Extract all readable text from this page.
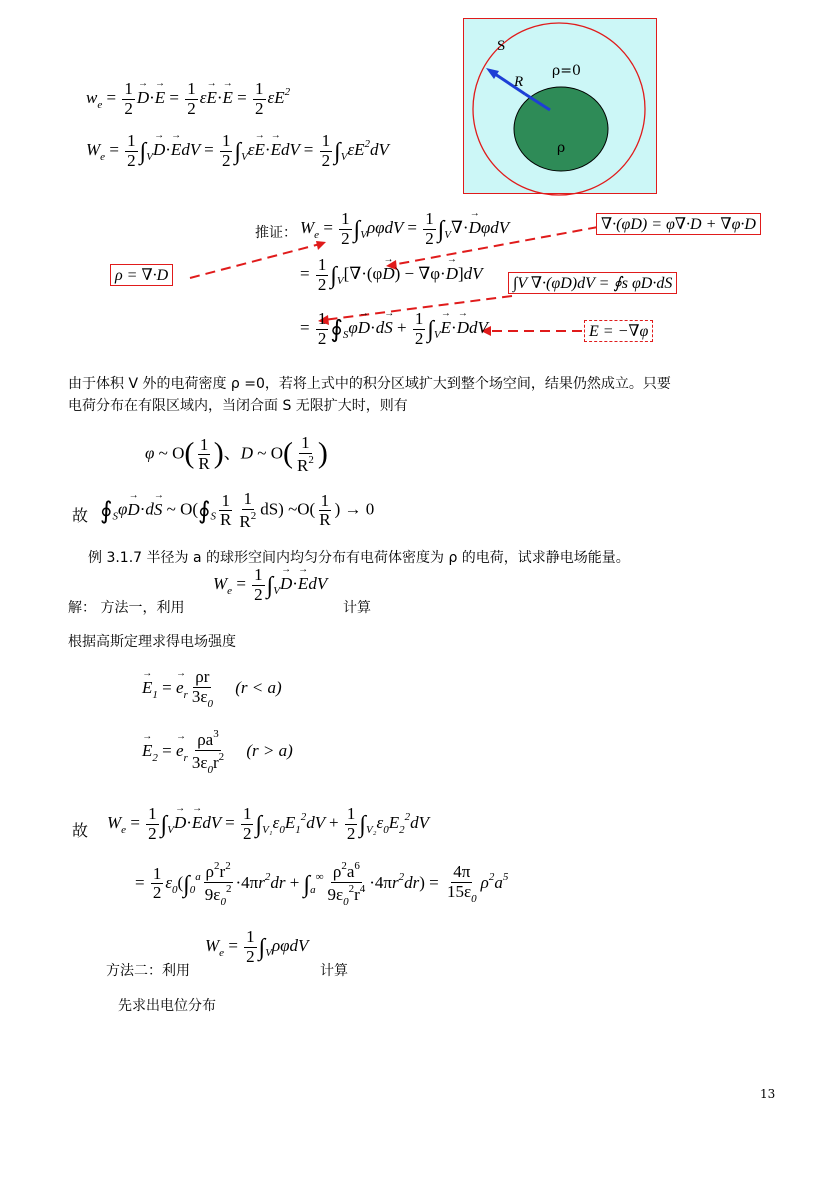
S
R
ρ=0
ρ
$w_e = \frac{1}{2}$
→ $D\cdot\to E = \frac{1}{2} \varepsilon\to E\cdot\to E = \frac{1}{2} \varepsilon E^2$
$W_e = \frac{1}{2} \int_V\to D\cdot\to$ EdV = $\frac{1}{2} \int_V\varepsilon\to E\cdot\to$ EdV = $\frac{1}{2} \int_V\varepsilon E^2dV$
推证： $W_e = \frac{1}{2} \int_V\rho\varphi dV = \frac{1}{2} \int_V\nabla\cdot\to D\varphi dV$	∇·(φD) = φ∇·D + ∇φ·D
ρ = ∇·D	= $\frac{1}{2} \int_V[\nabla\cdot(\varphi\to D) - \nabla\varphi\cdot\to D]dV$
∫V ∇·(φD)dV = ∮s φD·dS
= $\frac{1}{2}$ $∮_S\varphi\to D\cdot d\to S + \frac{1}{2} \int_V\to E\cdot\to$ DdV	E = −∇φ
由于体积 V 外的电荷密度 ρ =0，若将上式中的积分区域扩大到整个场空间，结果仍然成立。只要
电荷分布在有限区域内，当闭合面 S 无限扩大时，则有
φ ~ $O( \frac{1}{R}$ )、D ~ $O( \frac{1}{R^2}$ )
故 $∮_S\varphi\to D\cdot d\to S$ ~ $O(∮_S \frac{1}{R} \frac{1}{R^2} dS)$ ~O( $\frac{1}{R}$ ) → 0
例 3.1.7 半径为 a 的球形空间内均匀分布有电荷体密度为 ρ 的电荷，试求静电场能量。
解： 方法一，利用
$W_e = \frac{1}{2} \int_V\to D\cdot\to$ EdV
计算
根据高斯定理求得电场强度
→ $E_1$ = → $e_r \frac{\rho r}{3\varepsilon_0} (r < a)$
→ $E_2$ = → $e_r \frac{\rho a^3}{3\varepsilon_0r^2} (r > a)$
故 $W_e = \frac{1}{2} \int_V\to D\cdot\to$ EdV = $\frac{1}{2} \int_{V_1}\varepsilon_0E_1^2dV + \frac{1}{2} \int_{V_2}\varepsilon_0E_2^2dV$
= $\frac{1}{2} \varepsilon_0(\int_0^a \frac{\rho^2r^2}{9\varepsilon_0^2} \cdot 4\pi r^2dr + \int_a^\infty \frac{\rho^2a^6}{9\varepsilon_0^2r^4} \cdot 4\pi r^2dr) = \frac{4\pi}{15\varepsilon_0} \rho^2a^5$
方法二：利用
$W_e = \frac{1}{2} \int_V\rho\varphi dV$
计算
先求出电位分布
13
